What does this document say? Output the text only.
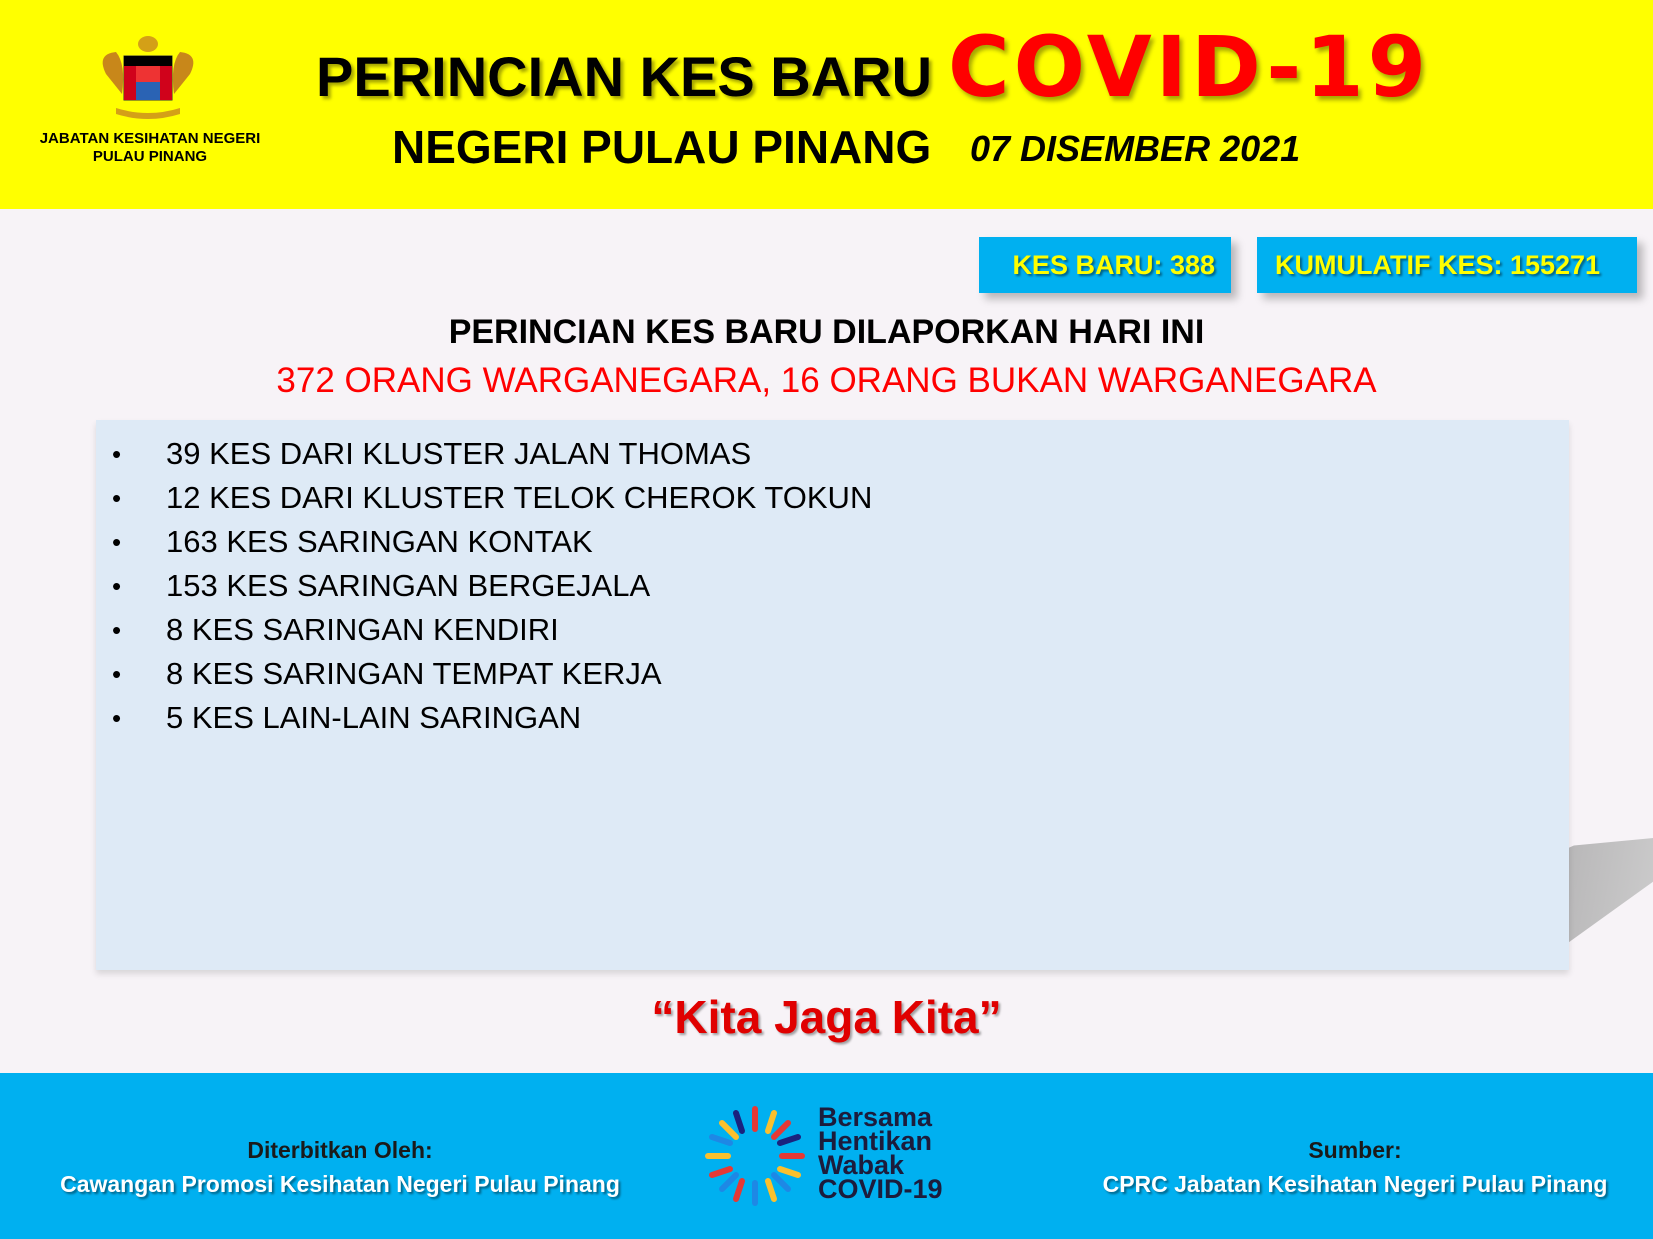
JABATAN KESIHATAN NEGERI
PULAU PINANG
PERINCIAN KES BARU COVID-19
NEGERI PULAU PINANG 07 DISEMBER 2021
KES BARU: 388	KUMULATIF KES: 155271
PERINCIAN KES BARU DILAPORKAN HARI INI
372 ORANG WARGANEGARA, 16 ORANG BUKAN WARGANEGARA
• 39 KES DARI KLUSTER JALAN THOMAS
• 12 KES DARI KLUSTER TELOK CHEROK TOKUN
• 163 KES SARINGAN KONTAK
• 153 KES SARINGAN BERGEJALA
• 8 KES SARINGAN KENDIRI
• 8 KES SARINGAN TEMPAT KERJA
• 5 KES LAIN-LAIN SARINGAN
“Kita Jaga Kita”
Diterbitkan Oleh:
Cawangan Promosi Kesihatan Negeri Pulau Pinang
Bersama
Hentikan
Wabak
COVID-19
Sumber:
CPRC Jabatan Kesihatan Negeri Pulau Pinang
